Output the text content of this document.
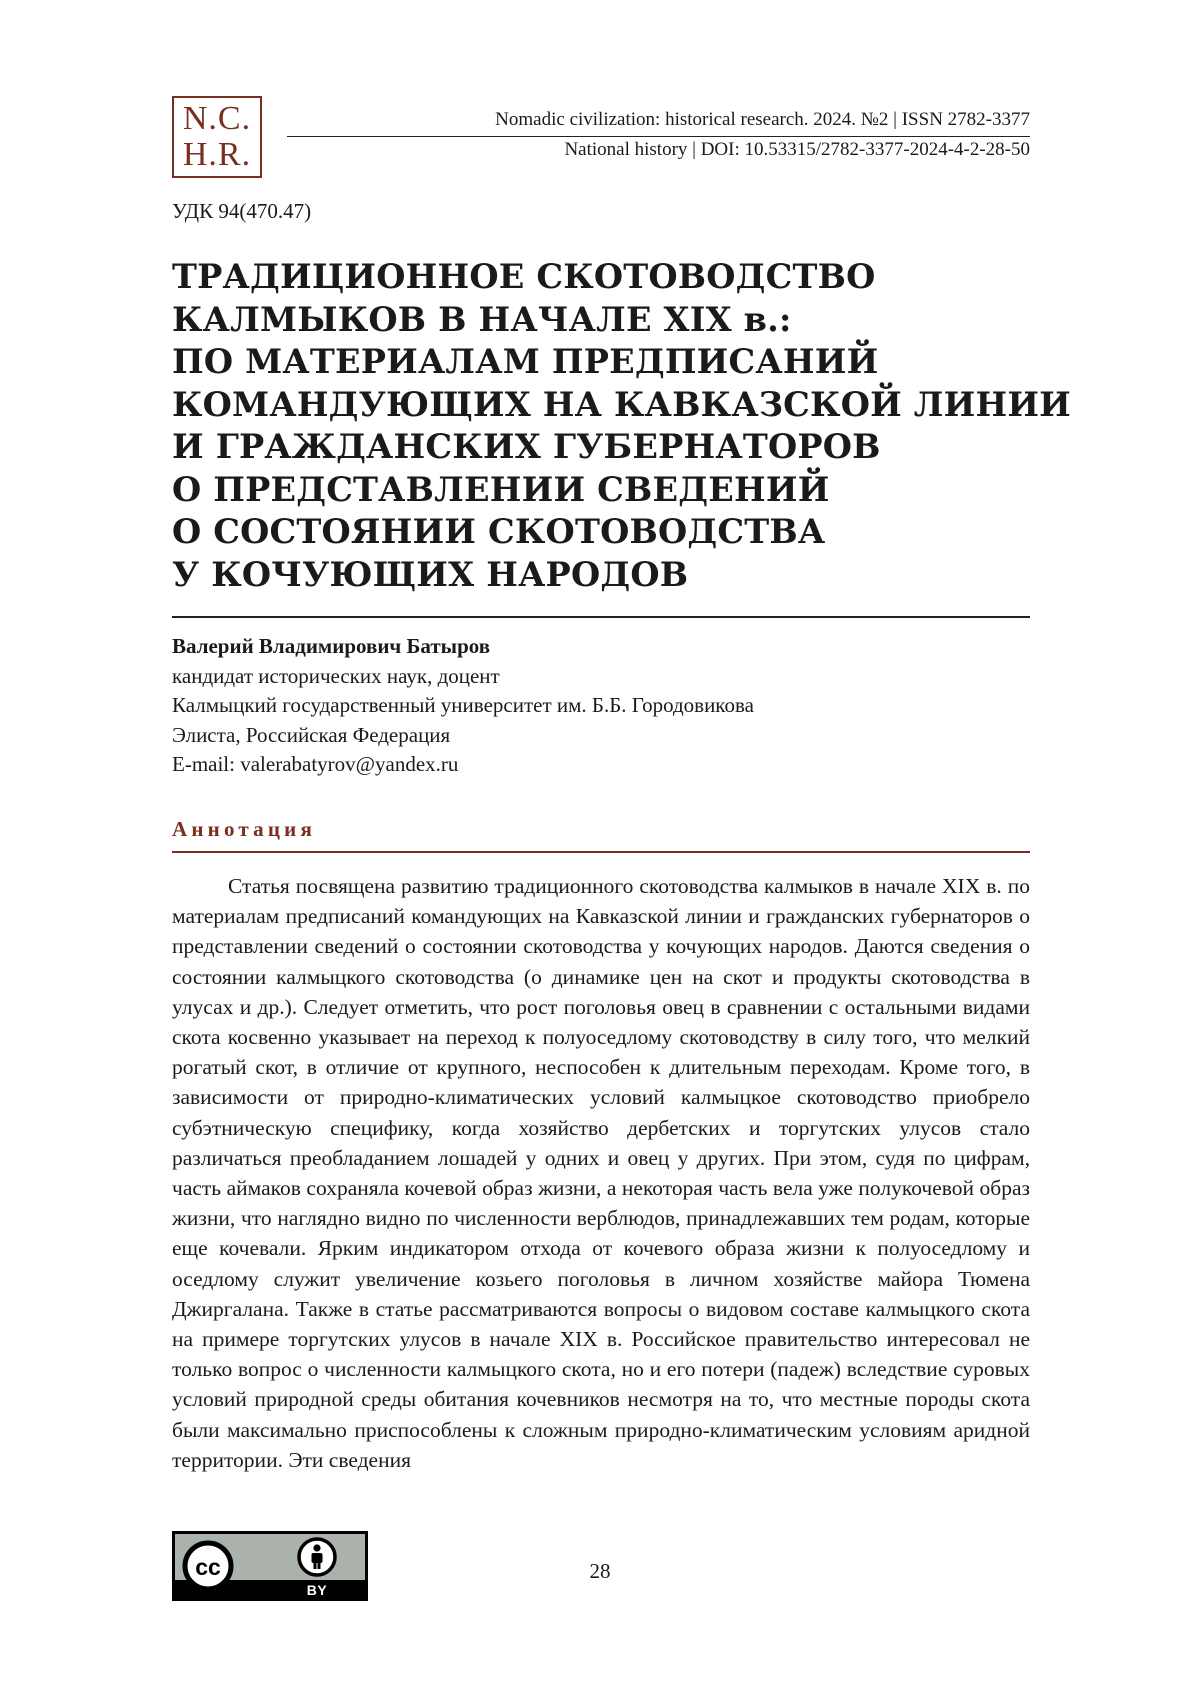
N.C.
H.R.
Nomadic civilization: historical research. 2024. №2 | ISSN 2782-3377
National history | DOI: 10.53315/2782-3377-2024-4-2-28-50
УДК 94(470.47)
ТРАДИЦИОННОЕ СКОТОВОДСТВО
КАЛМЫКОВ В НАЧАЛЕ XIX в.:
ПО МАТЕРИАЛАМ ПРЕДПИСАНИЙ
КОМАНДУЮЩИХ НА КАВКАЗСКОЙ ЛИНИИ
И ГРАЖДАНСКИХ ГУБЕРНАТОРОВ
О ПРЕДСТАВЛЕНИИ СВЕДЕНИЙ
О СОСТОЯНИИ СКОТОВОДСТВА
У КОЧУЮЩИХ НАРОДОВ
Валерий Владимирович Батыров
кандидат исторических наук, доцент
Калмыцкий государственный университет им. Б.Б. Городовикова
Элиста, Российская Федерация
E-mail: valerabatyrov@yandex.ru
Аннотация

Статья посвящена развитию традиционного скотоводства калмыков в начале XIX в. по материалам предписаний командующих на Кавказской линии и гражданских губернаторов о представлении сведений о состоянии скотоводства у кочующих народов. Даются сведения о состоянии калмыцкого скотоводства (о динамике цен на скот и продукты скотоводства в улусах и др.). Следует отметить, что рост поголовья овец в сравнении с остальными видами скота косвенно указывает на переход к полуоседлому скотоводству в силу того, что мелкий рогатый скот, в отличие от крупного, неспособен к длительным переходам. Кроме того, в зависимости от природно-климатических условий калмыцкое скотоводство приобрело субэтническую специфику, когда хозяйство дербетских и торгутских улусов стало различаться преобладанием лошадей у одних и овец у других. При этом, судя по цифрам, часть аймаков сохраняла кочевой образ жизни, а некоторая часть вела уже полукочевой образ жизни, что наглядно видно по численности верблюдов, принадлежавших тем родам, которые еще кочевали. Ярким индикатором отхода от кочевого образа жизни к полуоседлому и оседлому служит увеличение козьего поголовья в личном хозяйстве майора Тюмена Джиргалана. Также в статье рассматриваются вопросы о видовом составе калмыцкого скота на примере торгутских улусов в начале XIX в. Российское правительство интересовал не только вопрос о численности калмыцкого скота, но и его потери (падеж) вследствие суровых условий природной среды обитания кочевников несмотря на то, что местные породы скота были максимально приспособлены к сложным природно-климатическим условиям аридной территории. Эти сведения

cc
BY
28
